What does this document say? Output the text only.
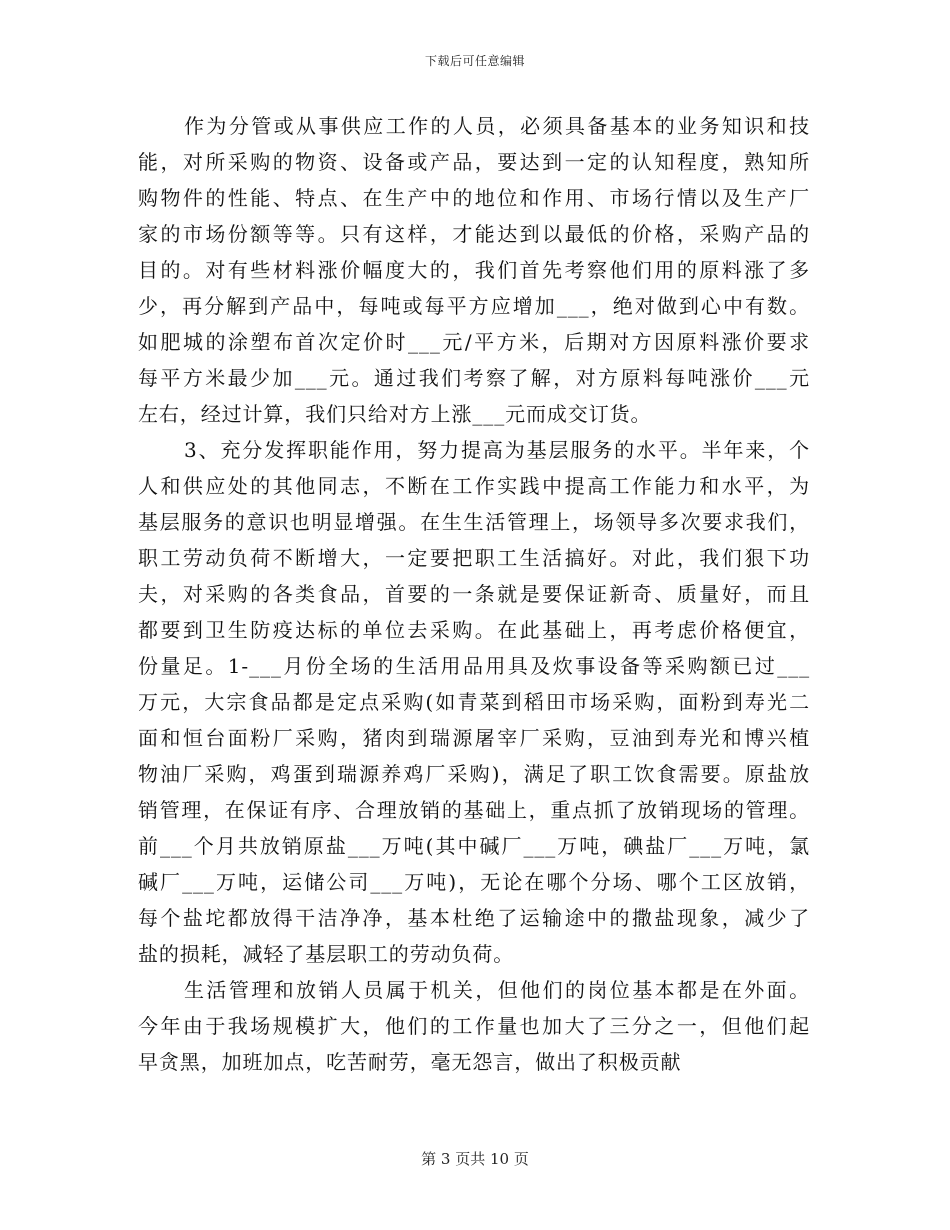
下载后可任意编辑
作为分管或从事供应工作的人员，必须具备基本的业务知识和技
能，对所采购的物资、设备或产品，要达到一定的认知程度，熟知所
购物件的性能、特点、在生产中的地位和作用、市场行情以及生产厂
家的市场份额等等。只有这样，才能达到以最低的价格，采购产品的
目的。对有些材料涨价幅度大的，我们首先考察他们用的原料涨了多
少，再分解到产品中，每吨或每平方应增加___，绝对做到心中有数。
如肥城的涂塑布首次定价时___元/平方米，后期对方因原料涨价要求
每平方米最少加___元。通过我们考察了解，对方原料每吨涨价___元
左右，经过计算，我们只给对方上涨___元而成交订货。
3、充分发挥职能作用，努力提高为基层服务的水平。半年来，个
人和供应处的其他同志，不断在工作实践中提高工作能力和水平，为
基层服务的意识也明显增强。在生生活管理上，场领导多次要求我们，
职工劳动负荷不断增大，一定要把职工生活搞好。对此，我们狠下功
夫，对采购的各类食品，首要的一条就是要保证新奇、质量好，而且
都要到卫生防疫达标的单位去采购。在此基础上，再考虑价格便宜，
份量足。1-___月份全场的生活用品用具及炊事设备等采购额已过___
万元，大宗食品都是定点采购(如青菜到稻田市场采购，面粉到寿光二
面和恒台面粉厂采购，猪肉到瑞源屠宰厂采购，豆油到寿光和博兴植
物油厂采购，鸡蛋到瑞源养鸡厂采购)，满足了职工饮食需要。原盐放
销管理，在保证有序、合理放销的基础上，重点抓了放销现场的管理。
前___个月共放销原盐___万吨(其中碱厂___万吨，碘盐厂___万吨，氯
碱厂___万吨，运储公司___万吨)，无论在哪个分场、哪个工区放销，
每个盐坨都放得干洁净净，基本杜绝了运输途中的撒盐现象，减少了
盐的损耗，减轻了基层职工的劳动负荷。
生活管理和放销人员属于机关，但他们的岗位基本都是在外面。
今年由于我场规模扩大，他们的工作量也加大了三分之一，但他们起
早贪黑，加班加点，吃苦耐劳，毫无怨言，做出了积极贡献
第 3 页共 10 页
